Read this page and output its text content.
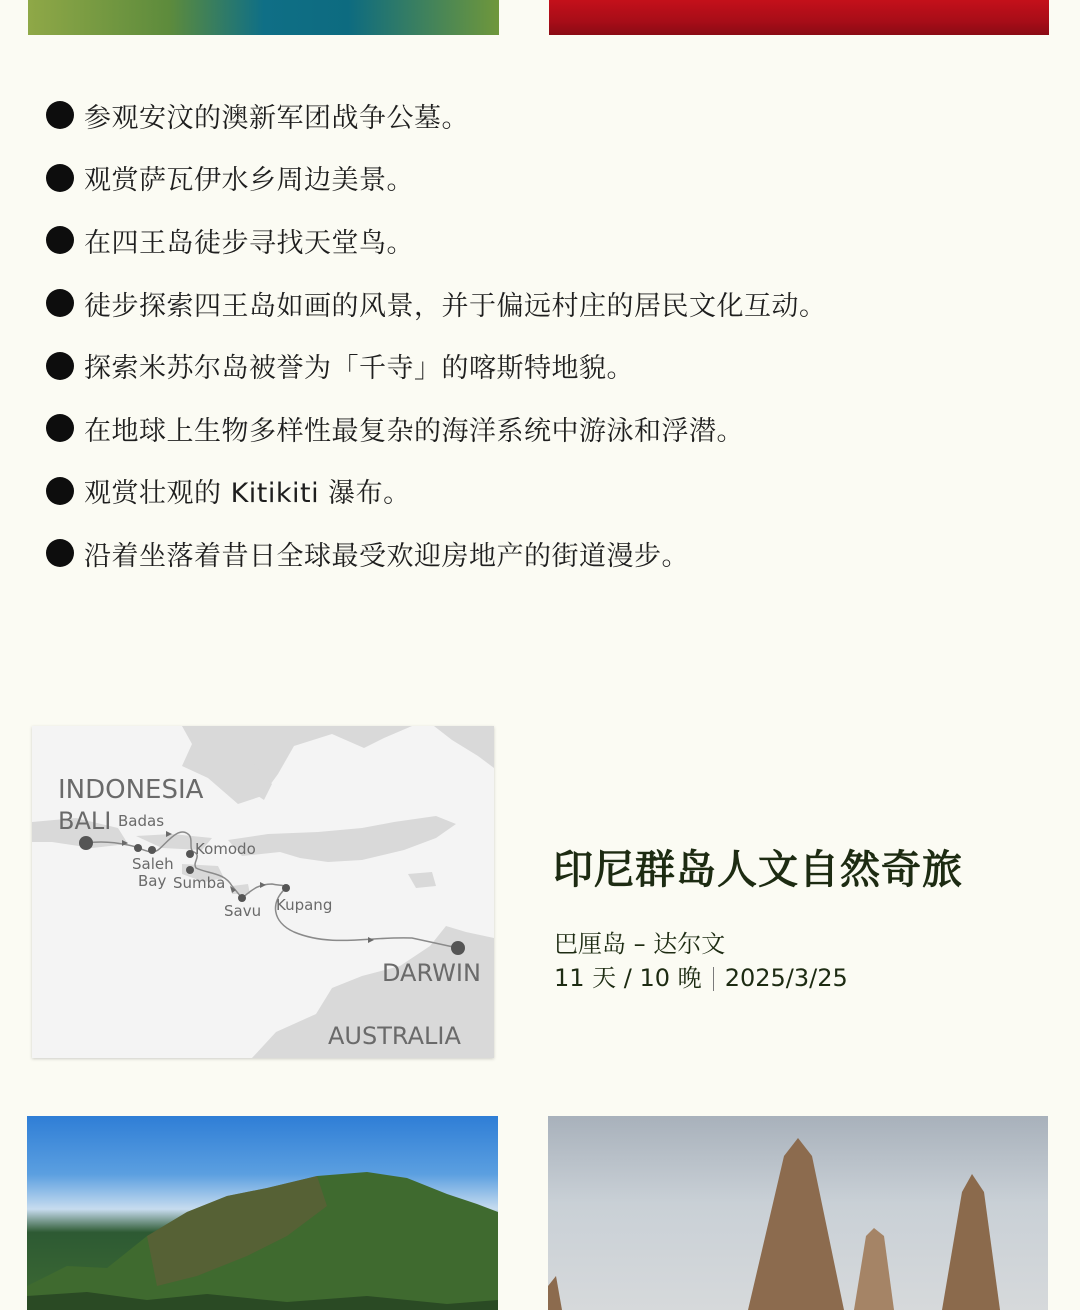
参观安汶的澳新军团战争公墓。
观赏萨瓦伊水乡周边美景。
在四王岛徒步寻找天堂鸟。
徒步探索四王岛如画的风景，并于偏远村庄的居民文化互动。
探索米苏尔岛被誉为「千寺」的喀斯特地貌。
在地球上生物多样性最复杂的海洋系统中游泳和浮潜。
观赏壮观的 Kitikiti 瀑布。
沿着坐落着昔日全球最受欢迎房地产的街道漫步。
INDONESIA
BALI Badas
Komodo
Saleh
Bay Sumba
Savu Kupang
DARWIN
AUSTRALIA
印尼群岛人文自然奇旅
巴厘岛 – 达尔文
11 天 / 10 晚 2025/3/25
